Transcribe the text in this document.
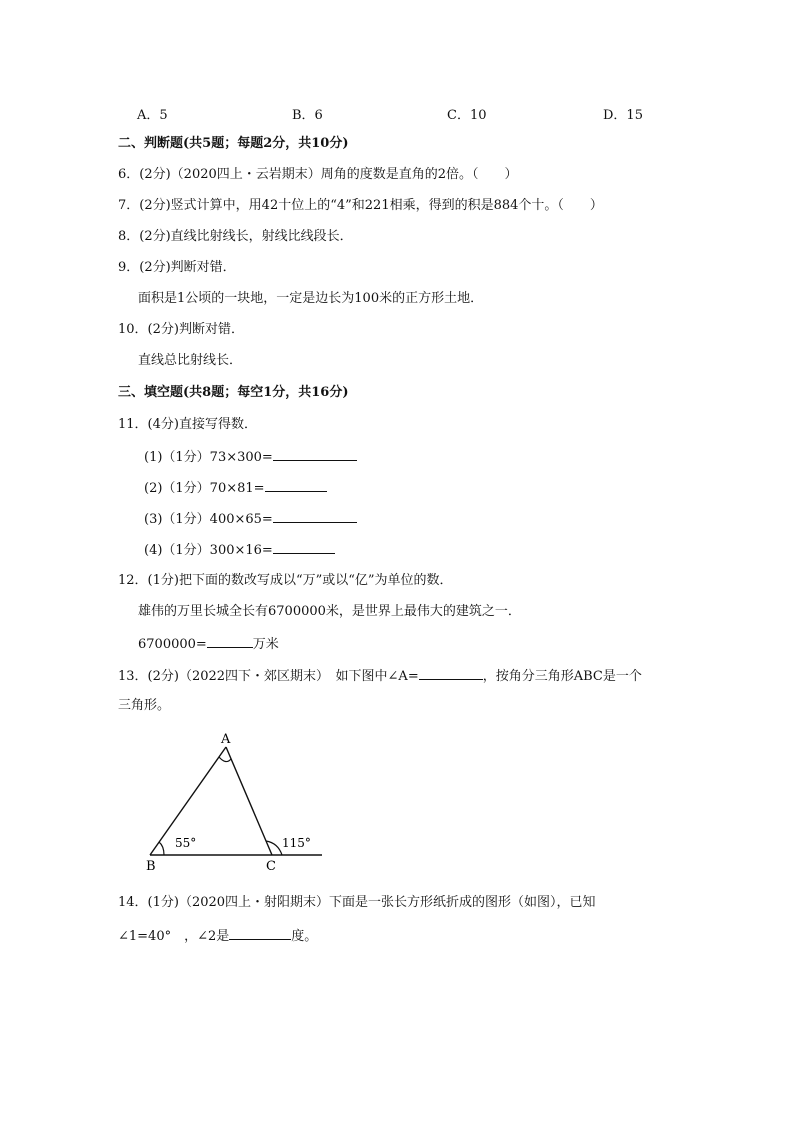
A．5	B．6	C．10	D．15
二、判断题(共5题；每题2分，共10分)
6．(2分)（2020四上・云岩期末）周角的度数是直角的2倍。（　　）
7．(2分)竖式计算中，用42十位上的“4”和221相乘，得到的积是884个十。（　　）
8．(2分)直线比射线长，射线比线段长．
9．(2分)判断对错．
面积是1公顷的一块地，一定是边长为100米的正方形土地．
10．(2分)判断对错．
直线总比射线长．
三、填空题(共8题；每空1分，共16分)
11．(4分)直接写得数．
(1)（1分）73×300=
(2)（1分）70×81=
(3)（1分）400×65=
(4)（1分）300×16=
12．(1分)把下面的数改写成以“万”或以“亿”为单位的数．
雄伟的万里长城全长有6700000米，是世界上最伟大的建筑之一．
6700000=	万米
13．(2分)（2022四下・郊区期末）　如下图中∠A=	，按角分三角形ABC是一个
三角形。
A
B	C
55°	115°
14．(1分)（2020四上・射阳期末）下面是一张长方形纸折成的图形（如图），已知
∠1=40°　，∠2是	度。
